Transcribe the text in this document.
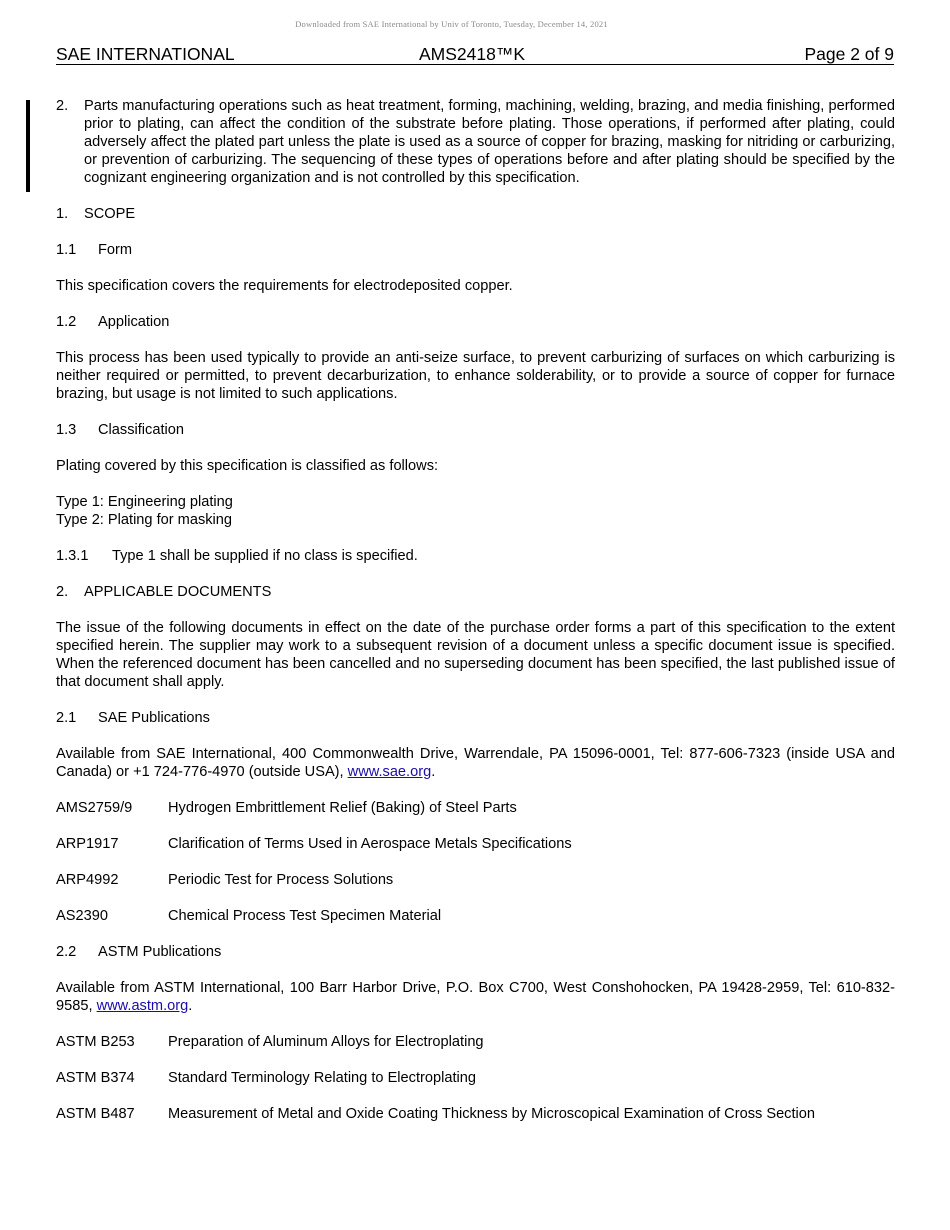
Downloaded from SAE International by Univ of Toronto, Tuesday, December 14, 2021
SAE INTERNATIONAL	AMS2418™K	Page 2 of 9

2.	Parts manufacturing operations such as heat treatment, forming, machining, welding, brazing, and media finishing, performed prior to plating, can affect the condition of the substrate before plating. Those operations, if performed after plating, could adversely affect the plated part unless the plate is used as a source of copper for brazing, masking for nitriding or carburizing, or prevention of carburizing. The sequencing of these types of operations before and after plating should be specified by the cognizant engineering organization and is not controlled by this specification.

1. SCOPE

1.1 Form

This specification covers the requirements for electrodeposited copper.

1.2 Application

This process has been used typically to provide an anti-seize surface, to prevent carburizing of surfaces on which carburizing is neither required or permitted, to prevent decarburization, to enhance solderability, or to provide a source of copper for furnace brazing, but usage is not limited to such applications.

1.3 Classification

Plating covered by this specification is classified as follows:

Type 1: Engineering plating

Type 2: Plating for masking

1.3.1 Type 1 shall be supplied if no class is specified.

2. APPLICABLE DOCUMENTS

The issue of the following documents in effect on the date of the purchase order forms a part of this specification to the extent specified herein. The supplier may work to a subsequent revision of a document unless a specific document issue is specified. When the referenced document has been cancelled and no superseding document has been specified, the last published issue of that document shall apply.

2.1 SAE Publications

Available from SAE International, 400 Commonwealth Drive, Warrendale, PA 15096-0001, Tel: 877-606-7323 (inside USA and Canada) or +1 724-776-4970 (outside USA), www.sae.org.

AMS2759/9	Hydrogen Embrittlement Relief (Baking) of Steel Parts

ARP1917	Clarification of Terms Used in Aerospace Metals Specifications

ARP4992	Periodic Test for Process Solutions

AS2390	Chemical Process Test Specimen Material

2.2 ASTM Publications

Available from ASTM International, 100 Barr Harbor Drive, P.O. Box C700, West Conshohocken, PA 19428-2959, Tel: 610-832-9585, www.astm.org.

ASTM B253	Preparation of Aluminum Alloys for Electroplating

ASTM B374	Standard Terminology Relating to Electroplating

ASTM B487	Measurement of Metal and Oxide Coating Thickness by Microscopical Examination of Cross Section
